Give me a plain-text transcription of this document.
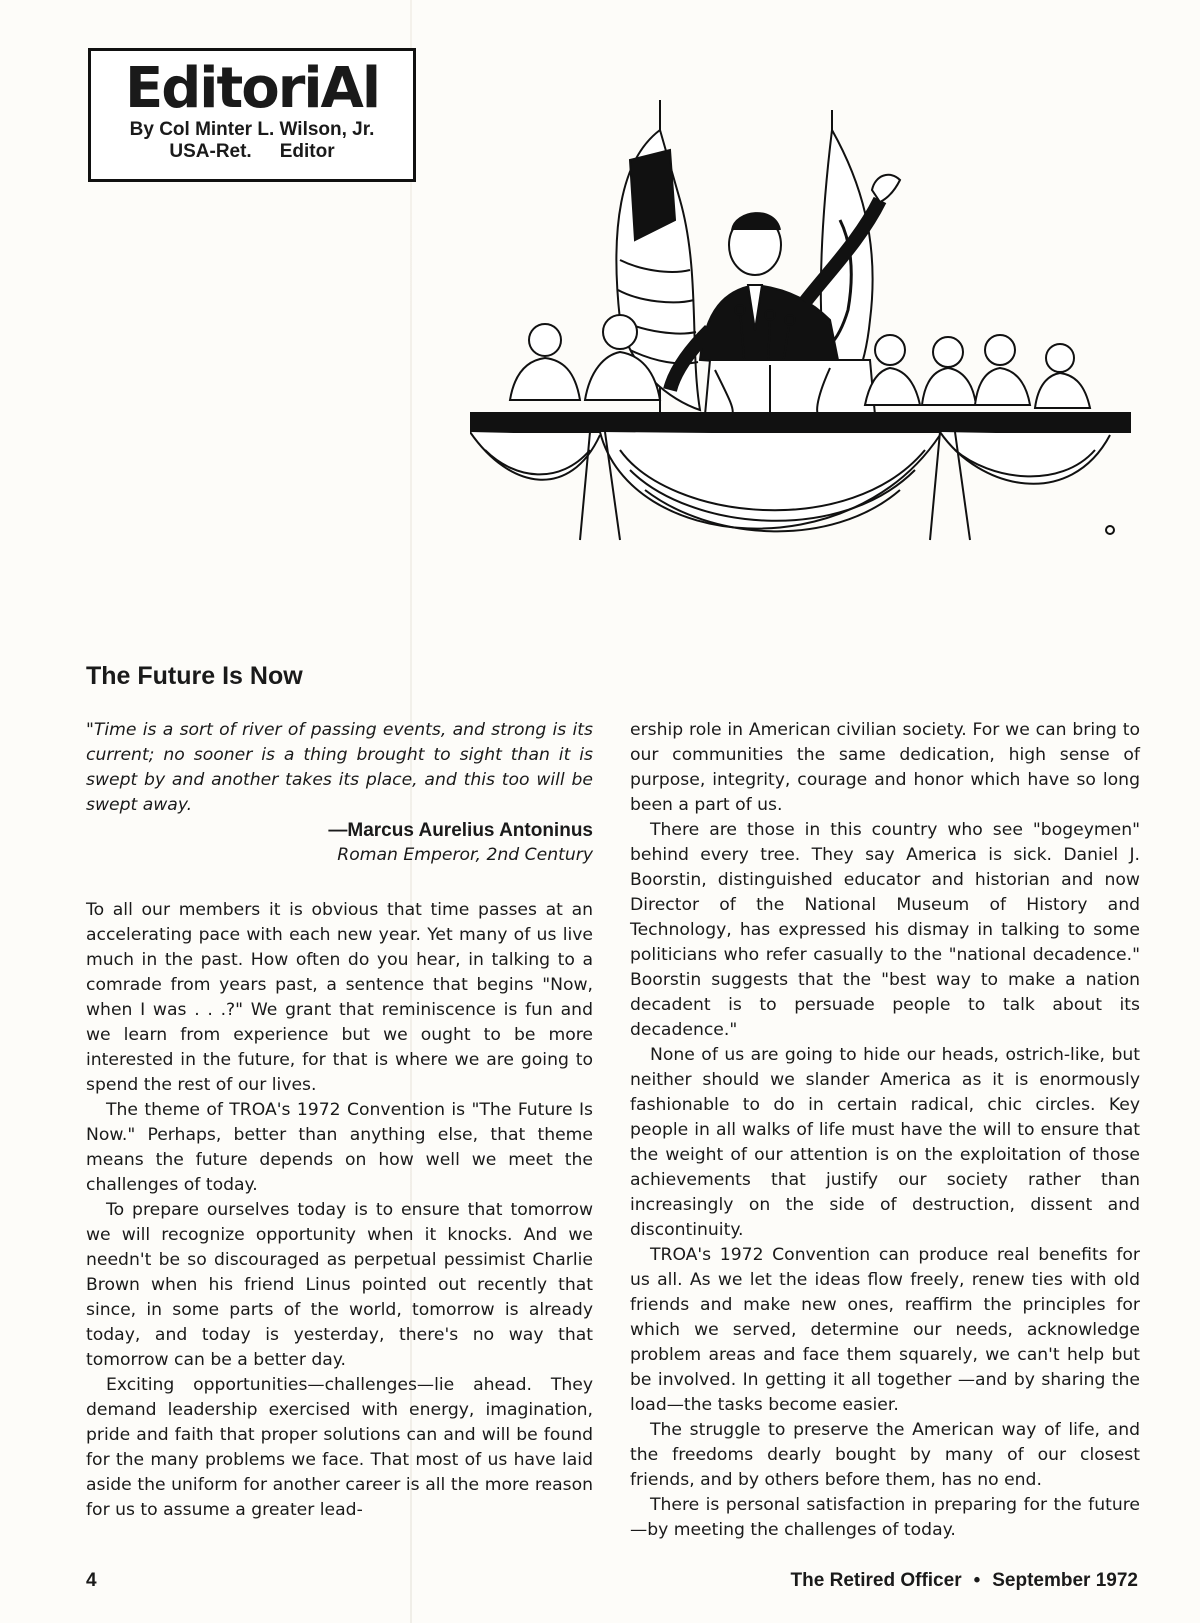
EditoriAl
By Col Minter L. Wilson, Jr.
USA-Ret. Editor
The Future Is Now
"Time is a sort of river of passing events, and strong is its current; no sooner is a thing brought to sight than it is swept by and another takes its place, and this too will be swept away.
—Marcus Aurelius Antoninus
Roman Emperor, 2nd Century

To all our members it is obvious that time passes at an accelerating pace with each new year. Yet many of us live much in the past. How often do you hear, in talking to a comrade from years past, a sentence that begins "Now, when I was . . .?" We grant that reminiscence is fun and we learn from experience but we ought to be more interested in the future, for that is where we are going to spend the rest of our lives.

The theme of TROA's 1972 Convention is "The Future Is Now." Perhaps, better than anything else, that theme means the future depends on how well we meet the challenges of today.

To prepare ourselves today is to ensure that tomorrow we will recognize opportunity when it knocks. And we needn't be so discouraged as perpetual pessimist Charlie Brown when his friend Linus pointed out recently that since, in some parts of the world, tomorrow is already today, and today is yesterday, there's no way that tomorrow can be a better day.

Exciting opportunities—challenges—lie ahead. They demand leadership exercised with energy, imagination, pride and faith that proper solutions can and will be found for the many problems we face. That most of us have laid aside the uniform for another career is all the more reason for us to assume a greater lead-

ership role in American civilian society. For we can bring to our communities the same dedication, high sense of purpose, integrity, courage and honor which have so long been a part of us.

There are those in this country who see "bogeymen" behind every tree. They say America is sick. Daniel J. Boorstin, distinguished educator and historian and now Director of the National Museum of History and Technology, has expressed his dismay in talking to some politicians who refer casually to the "national decadence." Boorstin suggests that the "best way to make a nation decadent is to persuade people to talk about its decadence."

None of us are going to hide our heads, ostrich-like, but neither should we slander America as it is enormously fashionable to do in certain radical, chic circles. Key people in all walks of life must have the will to ensure that the weight of our attention is on the exploitation of those achievements that justify our society rather than increasingly on the side of destruction, dissent and discontinuity.

TROA's 1972 Convention can produce real benefits for us all. As we let the ideas flow freely, renew ties with old friends and make new ones, reaffirm the principles for which we served, determine our needs, acknowledge problem areas and face them squarely, we can't help but be involved. In getting it all together —and by sharing the load—the tasks become easier.

The struggle to preserve the American way of life, and the freedoms dearly bought by many of our closest friends, and by others before them, has no end.

There is personal satisfaction in preparing for the future—by meeting the challenges of today.

4	The Retired Officer • September 1972
